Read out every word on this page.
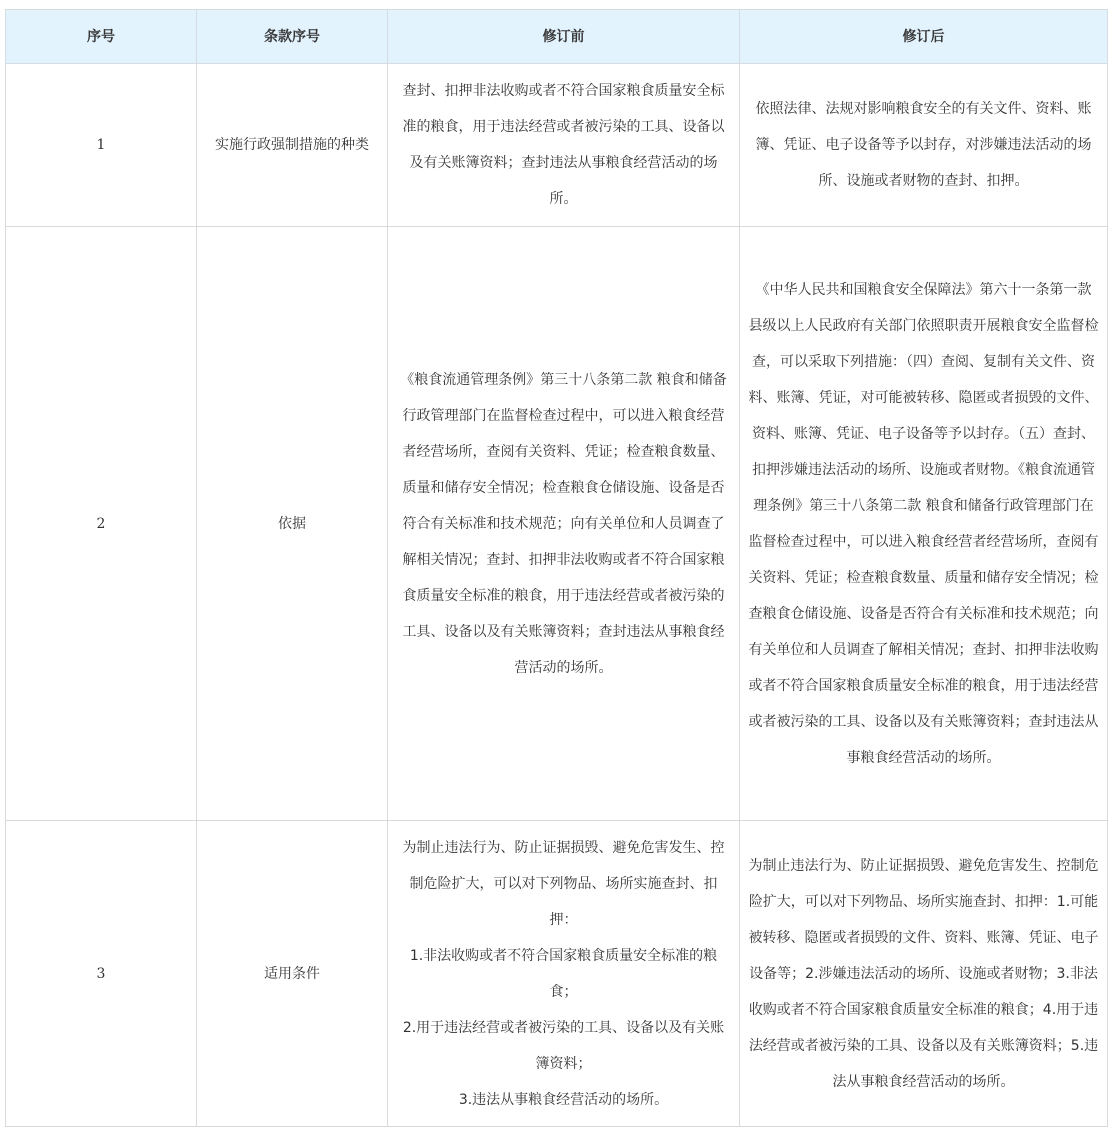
序号	条款序号	修订前	修订后
1	实施行政强制措施的种类	查封、扣押非法收购或者不符合国家粮食质量安全标准的粮食，用于违法经营或者被污染的工具、设备以及有关账簿资料；查封违法从事粮食经营活动的场所。	依照法律、法规对影响粮食安全的有关文件、资料、账簿、凭证、电子设备等予以封存，对涉嫌违法活动的场所、设施或者财物的查封、扣押。
2	依据	《粮食流通管理条例》第三十八条第二款 粮食和储备行政管理部门在监督检查过程中，可以进入粮食经营者经营场所，查阅有关资料、凭证；检查粮食数量、质量和储存安全情况；检查粮食仓储设施、设备是否符合有关标准和技术规范；向有关单位和人员调查了解相关情况；查封、扣押非法收购或者不符合国家粮食质量安全标准的粮食，用于违法经营或者被污染的工具、设备以及有关账簿资料；查封违法从事粮食经营活动的场所。	《中华人民共和国粮食安全保障法》第六十一条第一款 县级以上人民政府有关部门依照职责开展粮食安全监督检查，可以采取下列措施：（四）查阅、复制有关文件、资料、账簿、凭证，对可能被转移、隐匿或者损毁的文件、资料、账簿、凭证、电子设备等予以封存。（五）查封、扣押涉嫌违法活动的场所、设施或者财物。《粮食流通管理条例》第三十八条第二款 粮食和储备行政管理部门在监督检查过程中，可以进入粮食经营者经营场所，查阅有关资料、凭证；检查粮食数量、质量和储存安全情况；检查粮食仓储设施、设备是否符合有关标准和技术规范；向有关单位和人员调查了解相关情况；查封、扣押非法收购或者不符合国家粮食质量安全标准的粮食，用于违法经营或者被污染的工具、设备以及有关账簿资料；查封违法从事粮食经营活动的场所。
3	适用条件	为制止违法行为、防止证据损毁、避免危害发生、控制危险扩大，可以对下列物品、场所实施查封、扣押：
1.非法收购或者不符合国家粮食质量安全标准的粮食；
2.用于违法经营或者被污染的工具、设备以及有关账簿资料；
3.违法从事粮食经营活动的场所。	为制止违法行为、防止证据损毁、避免危害发生、控制危险扩大，可以对下列物品、场所实施查封、扣押：1.可能被转移、隐匿或者损毁的文件、资料、账簿、凭证、电子设备等；2.涉嫌违法活动的场所、设施或者财物；3.非法收购或者不符合国家粮食质量安全标准的粮食；4.用于违法经营或者被污染的工具、设备以及有关账簿资料；5.违法从事粮食经营活动的场所。
